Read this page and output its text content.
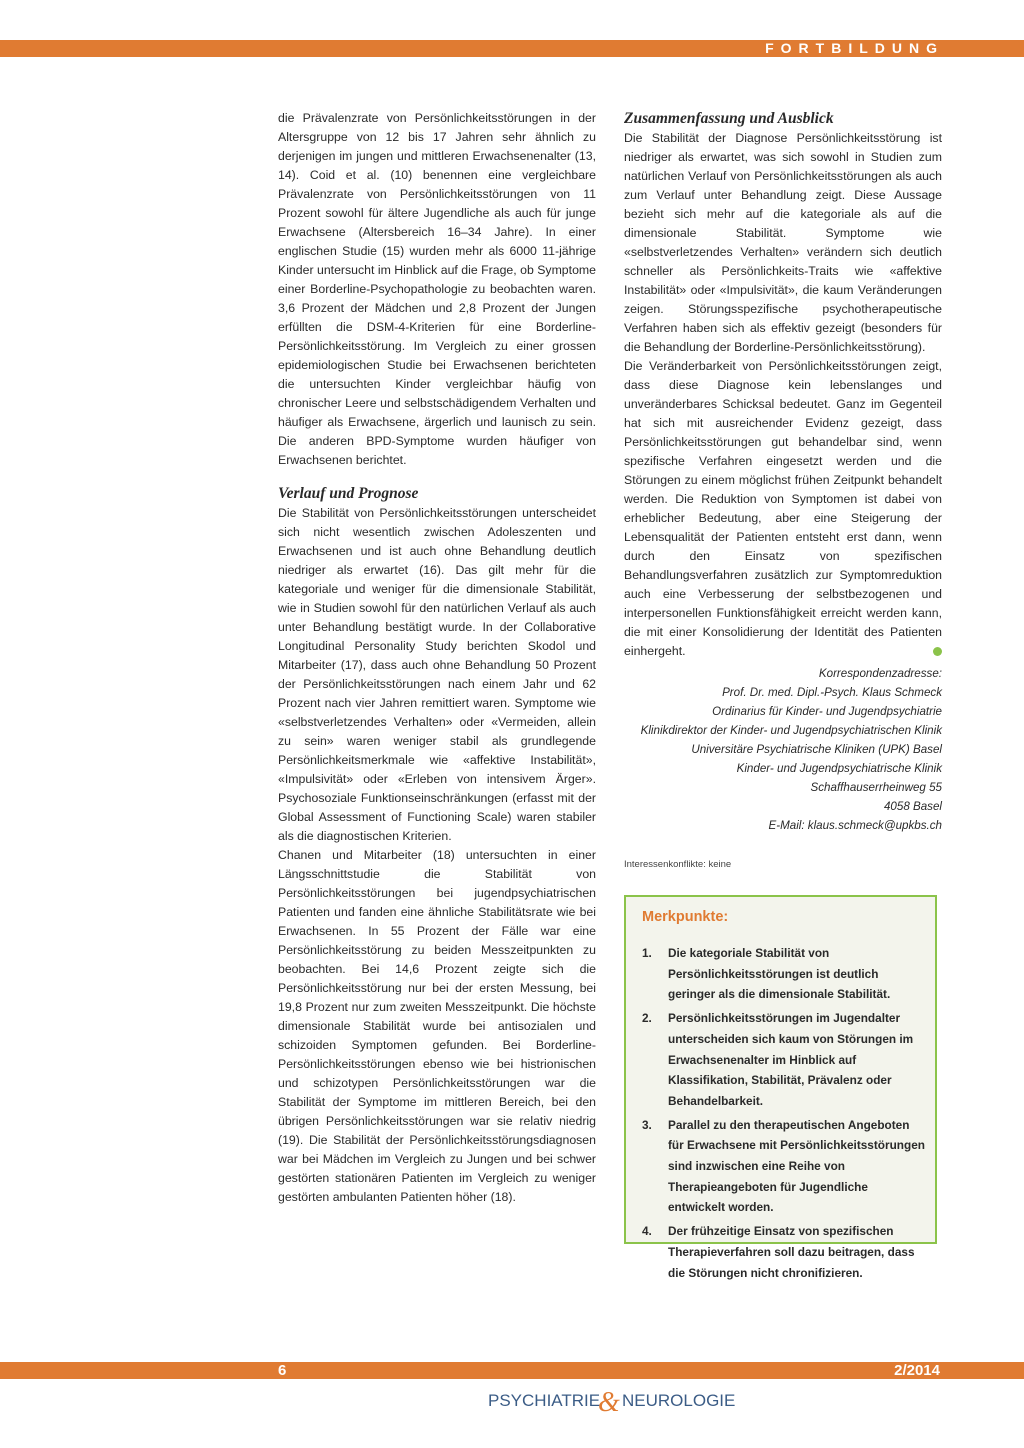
FORTBILDUNG

die Prävalenzrate von Persönlichkeitsstörungen in der Altersgruppe von 12 bis 17 Jahren sehr ähnlich zu derjenigen im jungen und mittleren Erwachsenenalter (13, 14). Coid et al. (10) benennen eine vergleichbare Prävalenzrate von Persönlichkeitsstörungen von 11 Prozent sowohl für ältere Jugendliche als auch für junge Erwachsene (Altersbereich 16–34 Jahre). In einer englischen Studie (15) wurden mehr als 6000 11-jährige Kinder untersucht im Hinblick auf die Frage, ob Symptome einer Borderline-Psychopathologie zu beobachten waren. 3,6 Prozent der Mädchen und 2,8 Prozent der Jungen erfüllten die DSM-4-Kriterien für eine Borderline-Persönlichkeitsstörung. Im Vergleich zu einer grossen epidemiologischen Studie bei Erwachsenen berichteten die untersuchten Kinder vergleichbar häufig von chronischer Leere und selbstschädigendem Verhalten und häufiger als Erwachsene, ärgerlich und launisch zu sein. Die anderen BPD-Symptome wurden häufiger von Erwachsenen berichtet.

Verlauf und Prognose

Die Stabilität von Persönlichkeitsstörungen unterscheidet sich nicht wesentlich zwischen Adoleszenten und Erwachsenen und ist auch ohne Behandlung deutlich niedriger als erwartet (16). Das gilt mehr für die kategoriale und weniger für die dimensionale Stabilität, wie in Studien sowohl für den natürlichen Verlauf als auch unter Behandlung bestätigt wurde. In der Collaborative Longitudinal Personality Study berichten Skodol und Mitarbeiter (17), dass auch ohne Behandlung 50 Prozent der Persönlichkeitsstörungen nach einem Jahr und 62 Prozent nach vier Jahren remittiert waren. Symptome wie «selbstverletzendes Verhalten» oder «Vermeiden, allein zu sein» waren weniger stabil als grundlegende Persönlichkeitsmerkmale wie «affektive Instabilität», «Impulsivität» oder «Erleben von intensivem Ärger». Psychosoziale Funktionseinschränkungen (erfasst mit der Global Assessment of Functioning Scale) waren stabiler als die diagnostischen Kriterien.

Chanen und Mitarbeiter (18) untersuchten in einer Längsschnittstudie die Stabilität von Persönlichkeitsstörungen bei jugendpsychiatrischen Patienten und fanden eine ähnliche Stabilitätsrate wie bei Erwachsenen. In 55 Prozent der Fälle war eine Persönlichkeitsstörung zu beiden Messzeitpunkten zu beobachten. Bei 14,6 Prozent zeigte sich die Persönlichkeitsstörung nur bei der ersten Messung, bei 19,8 Prozent nur zum zweiten Messzeitpunkt. Die höchste dimensionale Stabilität wurde bei antisozialen und schizoiden Symptomen gefunden. Bei Borderline-Persönlichkeitsstörungen ebenso wie bei histrionischen und schizotypen Persönlichkeitsstörungen war die Stabilität der Symptome im mittleren Bereich, bei den übrigen Persönlichkeitsstörungen war sie relativ niedrig (19). Die Stabilität der Persönlichkeitsstörungsdiagnosen war bei Mädchen im Vergleich zu Jungen und bei schwer gestörten stationären Patienten im Vergleich zu weniger gestörten ambulanten Patienten höher (18).

Zusammenfassung und Ausblick

Die Stabilität der Diagnose Persönlichkeitsstörung ist niedriger als erwartet, was sich sowohl in Studien zum natürlichen Verlauf von Persönlichkeitsstörungen als auch zum Verlauf unter Behandlung zeigt. Diese Aussage bezieht sich mehr auf die kategoriale als auf die dimensionale Stabilität. Symptome wie «selbstverletzendes Verhalten» verändern sich deutlich schneller als Persönlichkeits-Traits wie «affektive Instabilität» oder «Impulsivität», die kaum Veränderungen zeigen. Störungsspezifische psychotherapeutische Verfahren haben sich als effektiv gezeigt (besonders für die Behandlung der Borderline-Persönlichkeitsstörung).

Die Veränderbarkeit von Persönlichkeitsstörungen zeigt, dass diese Diagnose kein lebenslanges und unveränderbares Schicksal bedeutet. Ganz im Gegenteil hat sich mit ausreichender Evidenz gezeigt, dass Persönlichkeitsstörungen gut behandelbar sind, wenn spezifische Verfahren eingesetzt werden und die Störungen zu einem möglichst frühen Zeitpunkt behandelt werden. Die Reduktion von Symptomen ist dabei von erheblicher Bedeutung, aber eine Steigerung der Lebensqualität der Patienten entsteht erst dann, wenn durch den Einsatz von spezifischen Behandlungsverfahren zusätzlich zur Symptomreduktion auch eine Verbesserung der selbstbezogenen und interpersonellen Funktionsfähigkeit erreicht werden kann, die mit einer Konsolidierung der Identität des Patienten einhergeht.

Korrespondenzadresse:
Prof. Dr. med. Dipl.-Psych. Klaus Schmeck
Ordinarius für Kinder- und Jugendpsychiatrie
Klinikdirektor der Kinder- und Jugendpsychiatrischen Klinik
Universitäre Psychiatrische Kliniken (UPK) Basel
Kinder- und Jugendpsychiatrische Klinik
Schaffhauserrheinweg 55
4058 Basel
E-Mail: klaus.schmeck@upkbs.ch
Interessenkonflikte: keine
Merkpunkte:
1. Die kategoriale Stabilität von Persönlichkeitsstörungen ist deutlich geringer als die dimensionale Stabilität.
2. Persönlichkeitsstörungen im Jugendalter unterscheiden sich kaum von Störungen im Erwachsenenalter im Hinblick auf Klassifikation, Stabilität, Prävalenz oder Behandelbarkeit.
3. Parallel zu den therapeutischen Angeboten für Erwachsene mit Persönlichkeitsstörungen sind inzwischen eine Reihe von Therapieangeboten für Jugendliche entwickelt worden.
4. Der frühzeitige Einsatz von spezifischen Therapieverfahren soll dazu beitragen, dass die Störungen nicht chronifizieren.
6	2/2014
PSYCHIATRIE
& NEUROLOGIE
